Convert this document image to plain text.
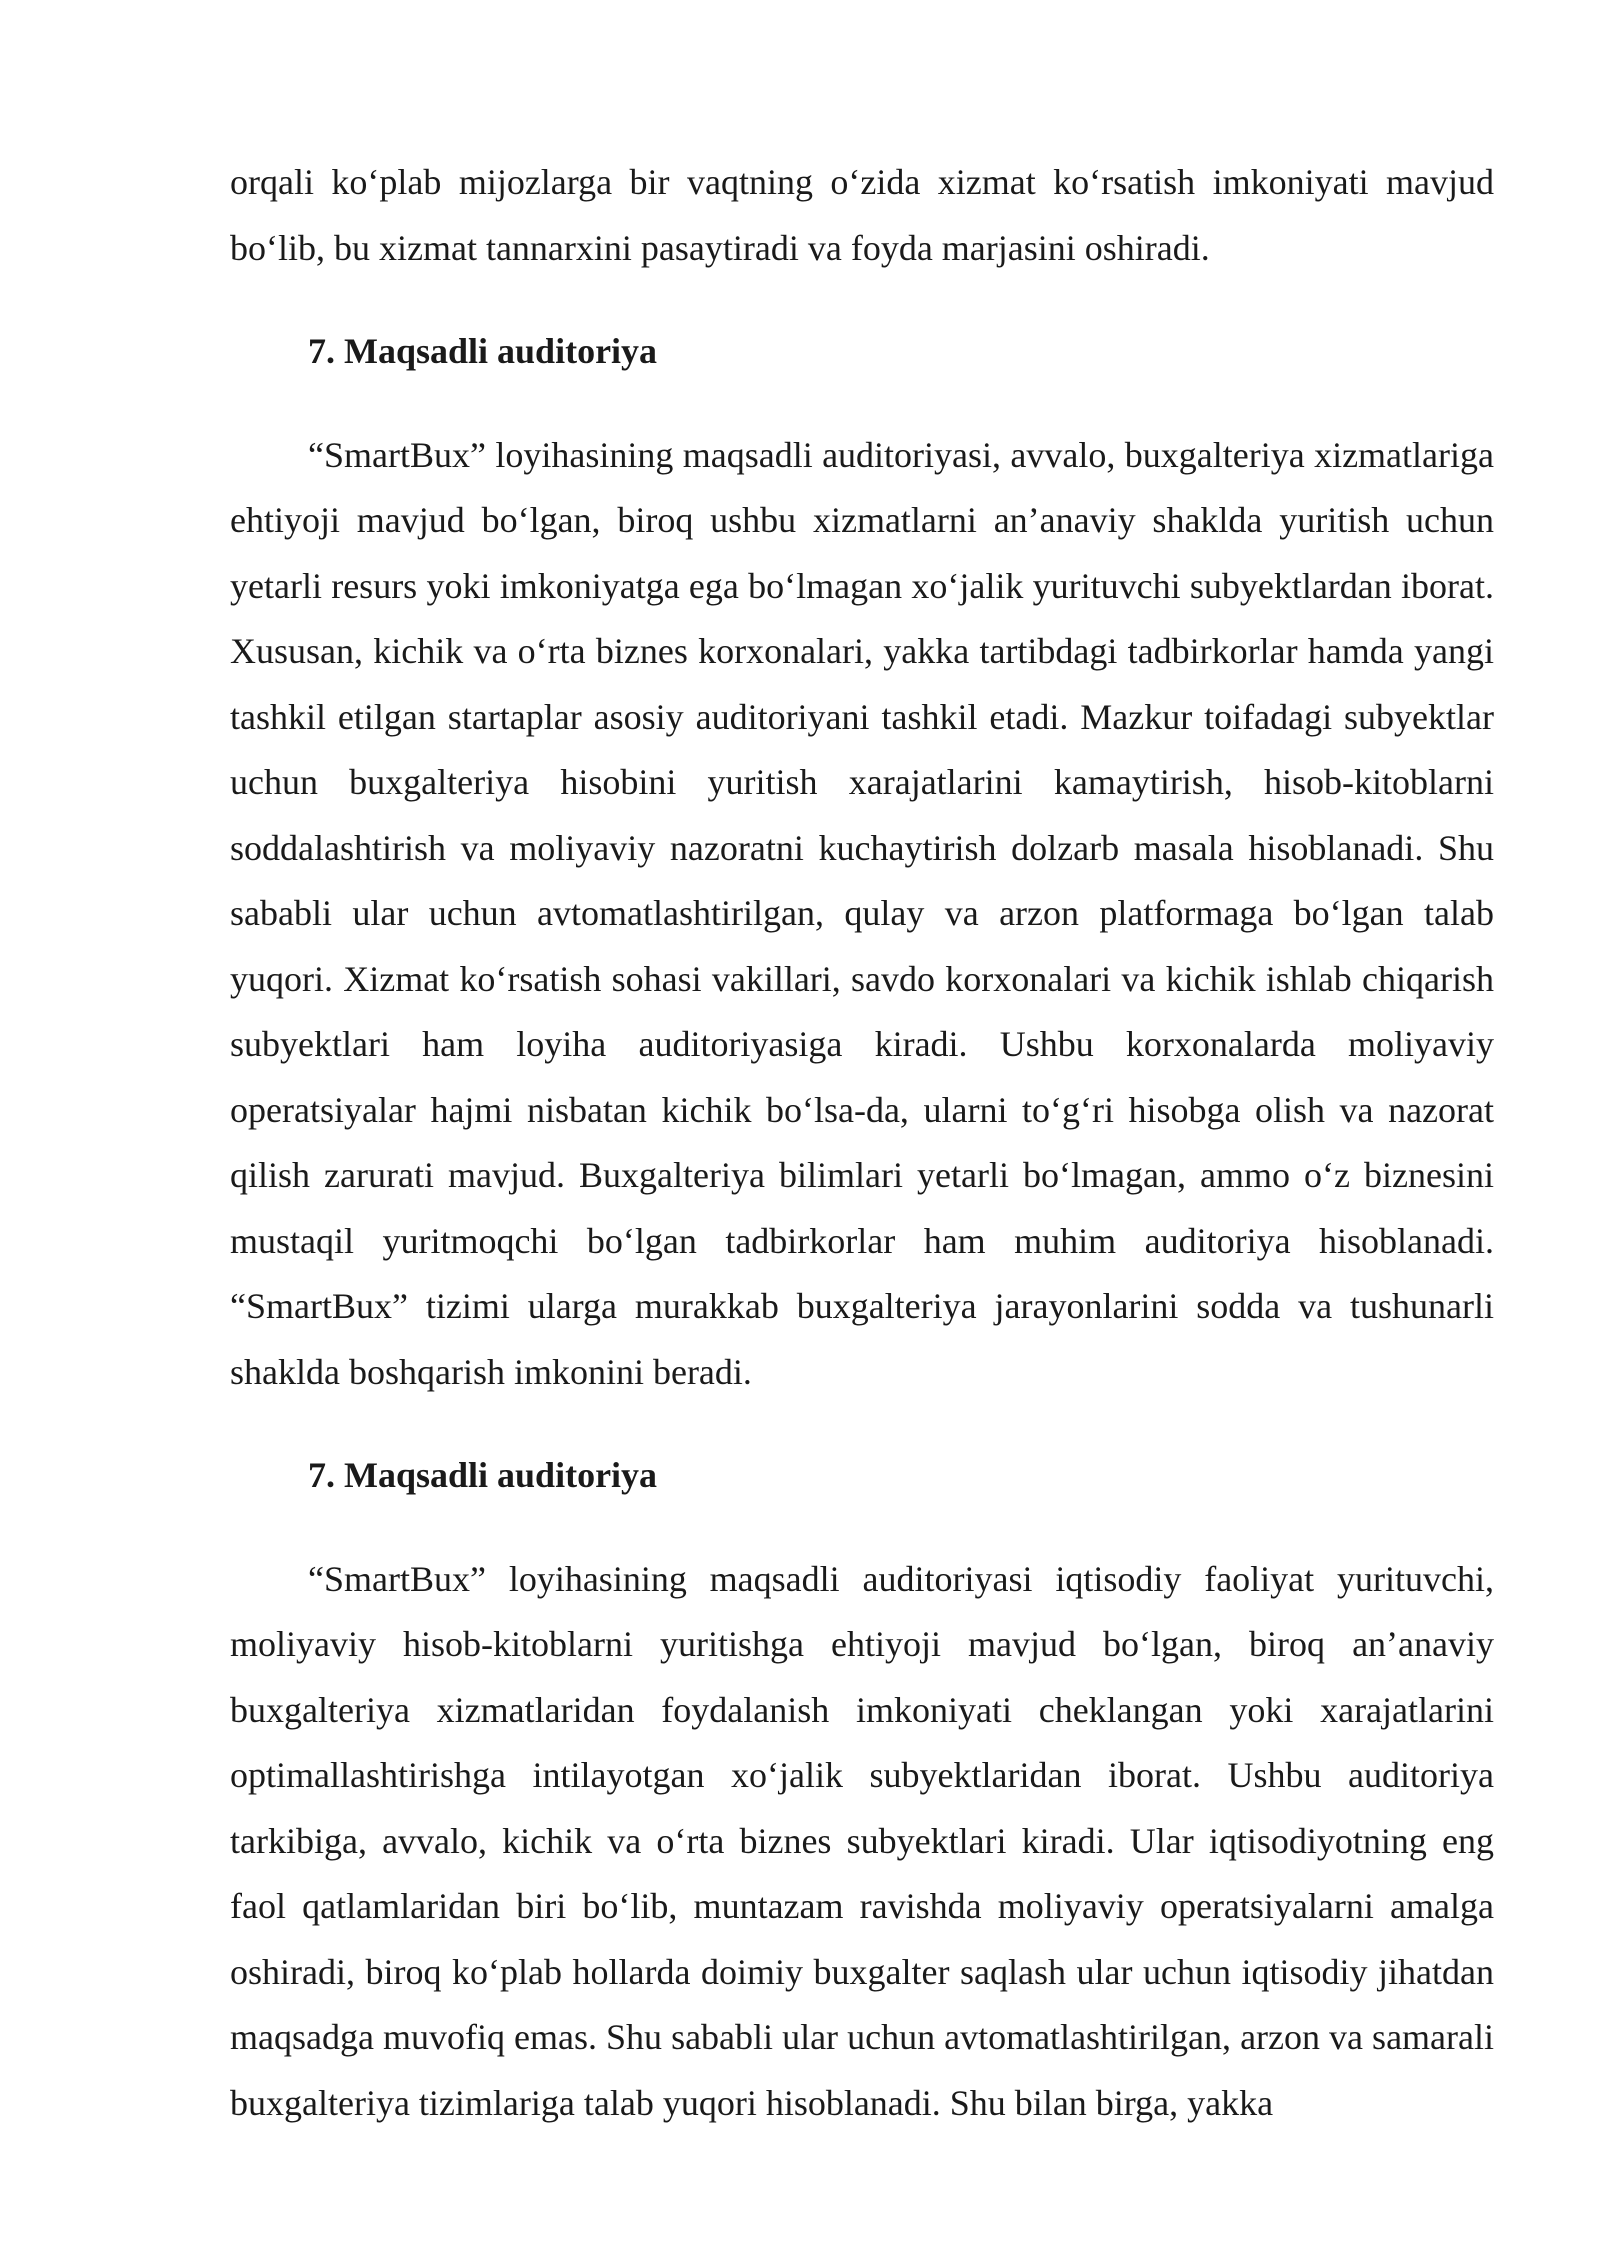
orqali ko‘plab mijozlarga bir vaqtning o‘zida xizmat ko‘rsatish imkoniyati mavjud bo‘lib, bu xizmat tannarxini pasaytiradi va foyda marjasini oshiradi.

7. Maqsadli auditoriya

“SmartBux” loyihasining maqsadli auditoriyasi, avvalo, buxgalteriya xizmatlariga ehtiyoji mavjud bo‘lgan, biroq ushbu xizmatlarni an’anaviy shaklda yuritish uchun yetarli resurs yoki imkoniyatga ega bo‘lmagan xo‘jalik yurituvchi subyektlardan iborat. Xususan, kichik va o‘rta biznes korxonalari, yakka tartibdagi tadbirkorlar hamda yangi tashkil etilgan startaplar asosiy auditoriyani tashkil etadi. Mazkur toifadagi subyektlar uchun buxgalteriya hisobini yuritish xarajatlarini kamaytirish, hisob-kitoblarni soddalashtirish va moliyaviy nazoratni kuchaytirish dolzarb masala hisoblanadi. Shu sababli ular uchun avtomatlashtirilgan, qulay va arzon platformaga bo‘lgan talab yuqori. Xizmat ko‘rsatish sohasi vakillari, savdo korxonalari va kichik ishlab chiqarish subyektlari ham loyiha auditoriyasiga kiradi. Ushbu korxonalarda moliyaviy operatsiyalar hajmi nisbatan kichik bo‘lsa-da, ularni to‘g‘ri hisobga olish va nazorat qilish zarurati mavjud. Buxgalteriya bilimlari yetarli bo‘lmagan, ammo o‘z biznesini mustaqil yuritmoqchi bo‘lgan tadbirkorlar ham muhim auditoriya hisoblanadi. “SmartBux” tizimi ularga murakkab buxgalteriya jarayonlarini sodda va tushunarli shaklda boshqarish imkonini beradi.

7. Maqsadli auditoriya

“SmartBux” loyihasining maqsadli auditoriyasi iqtisodiy faoliyat yurituvchi, moliyaviy hisob-kitoblarni yuritishga ehtiyoji mavjud bo‘lgan, biroq an’anaviy buxgalteriya xizmatlaridan foydalanish imkoniyati cheklangan yoki xarajatlarini optimallashtirishga intilayotgan xo‘jalik subyektlaridan iborat. Ushbu auditoriya tarkibiga, avvalo, kichik va o‘rta biznes subyektlari kiradi. Ular iqtisodiyotning eng faol qatlamlaridan biri bo‘lib, muntazam ravishda moliyaviy operatsiyalarni amalga oshiradi, biroq ko‘plab hollarda doimiy buxgalter saqlash ular uchun iqtisodiy jihatdan maqsadga muvofiq emas. Shu sababli ular uchun avtomatlashtirilgan, arzon va samarali buxgalteriya tizimlariga talab yuqori hisoblanadi. Shu bilan birga, yakka
